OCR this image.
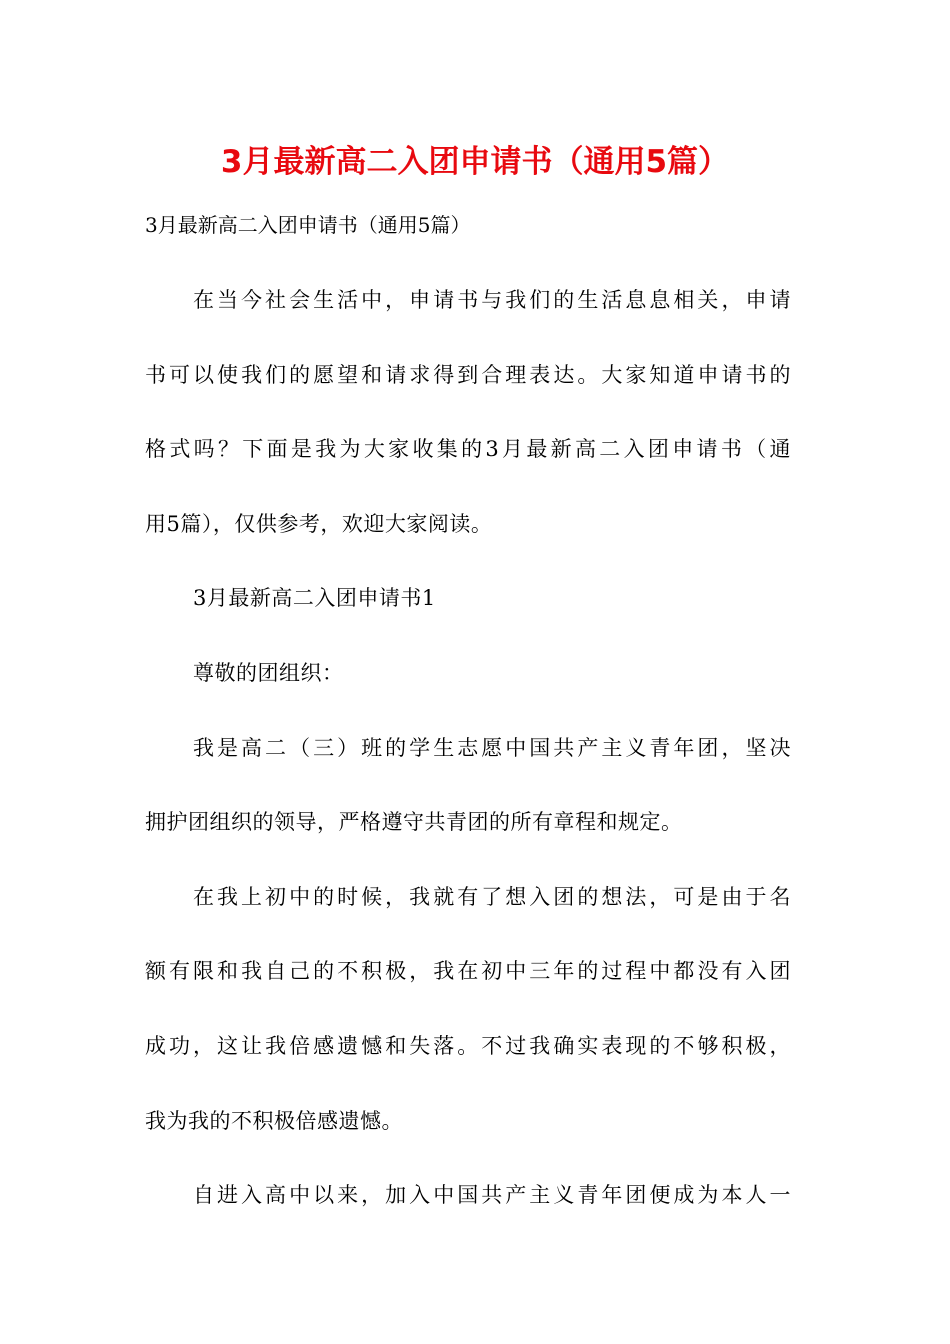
3月最新高二入团申请书（通用5篇）
3月最新高二入团申请书（通用5篇）
在当今社会生活中，申请书与我们的生活息息相关，申请
书可以使我们的愿望和请求得到合理表达。大家知道申请书的
格式吗？下面是我为大家收集的3月最新高二入团申请书（通
用5篇），仅供参考，欢迎大家阅读。
3月最新高二入团申请书1
尊敬的团组织：
我是高二（三）班的学生志愿中国共产主义青年团，坚决
拥护团组织的领导，严格遵守共青团的所有章程和规定。
在我上初中的时候，我就有了想入团的想法，可是由于名
额有限和我自己的不积极，我在初中三年的过程中都没有入团
成功，这让我倍感遗憾和失落。不过我确实表现的不够积极，
我为我的不积极倍感遗憾。
自进入高中以来，加入中国共产主义青年团便成为本人一
